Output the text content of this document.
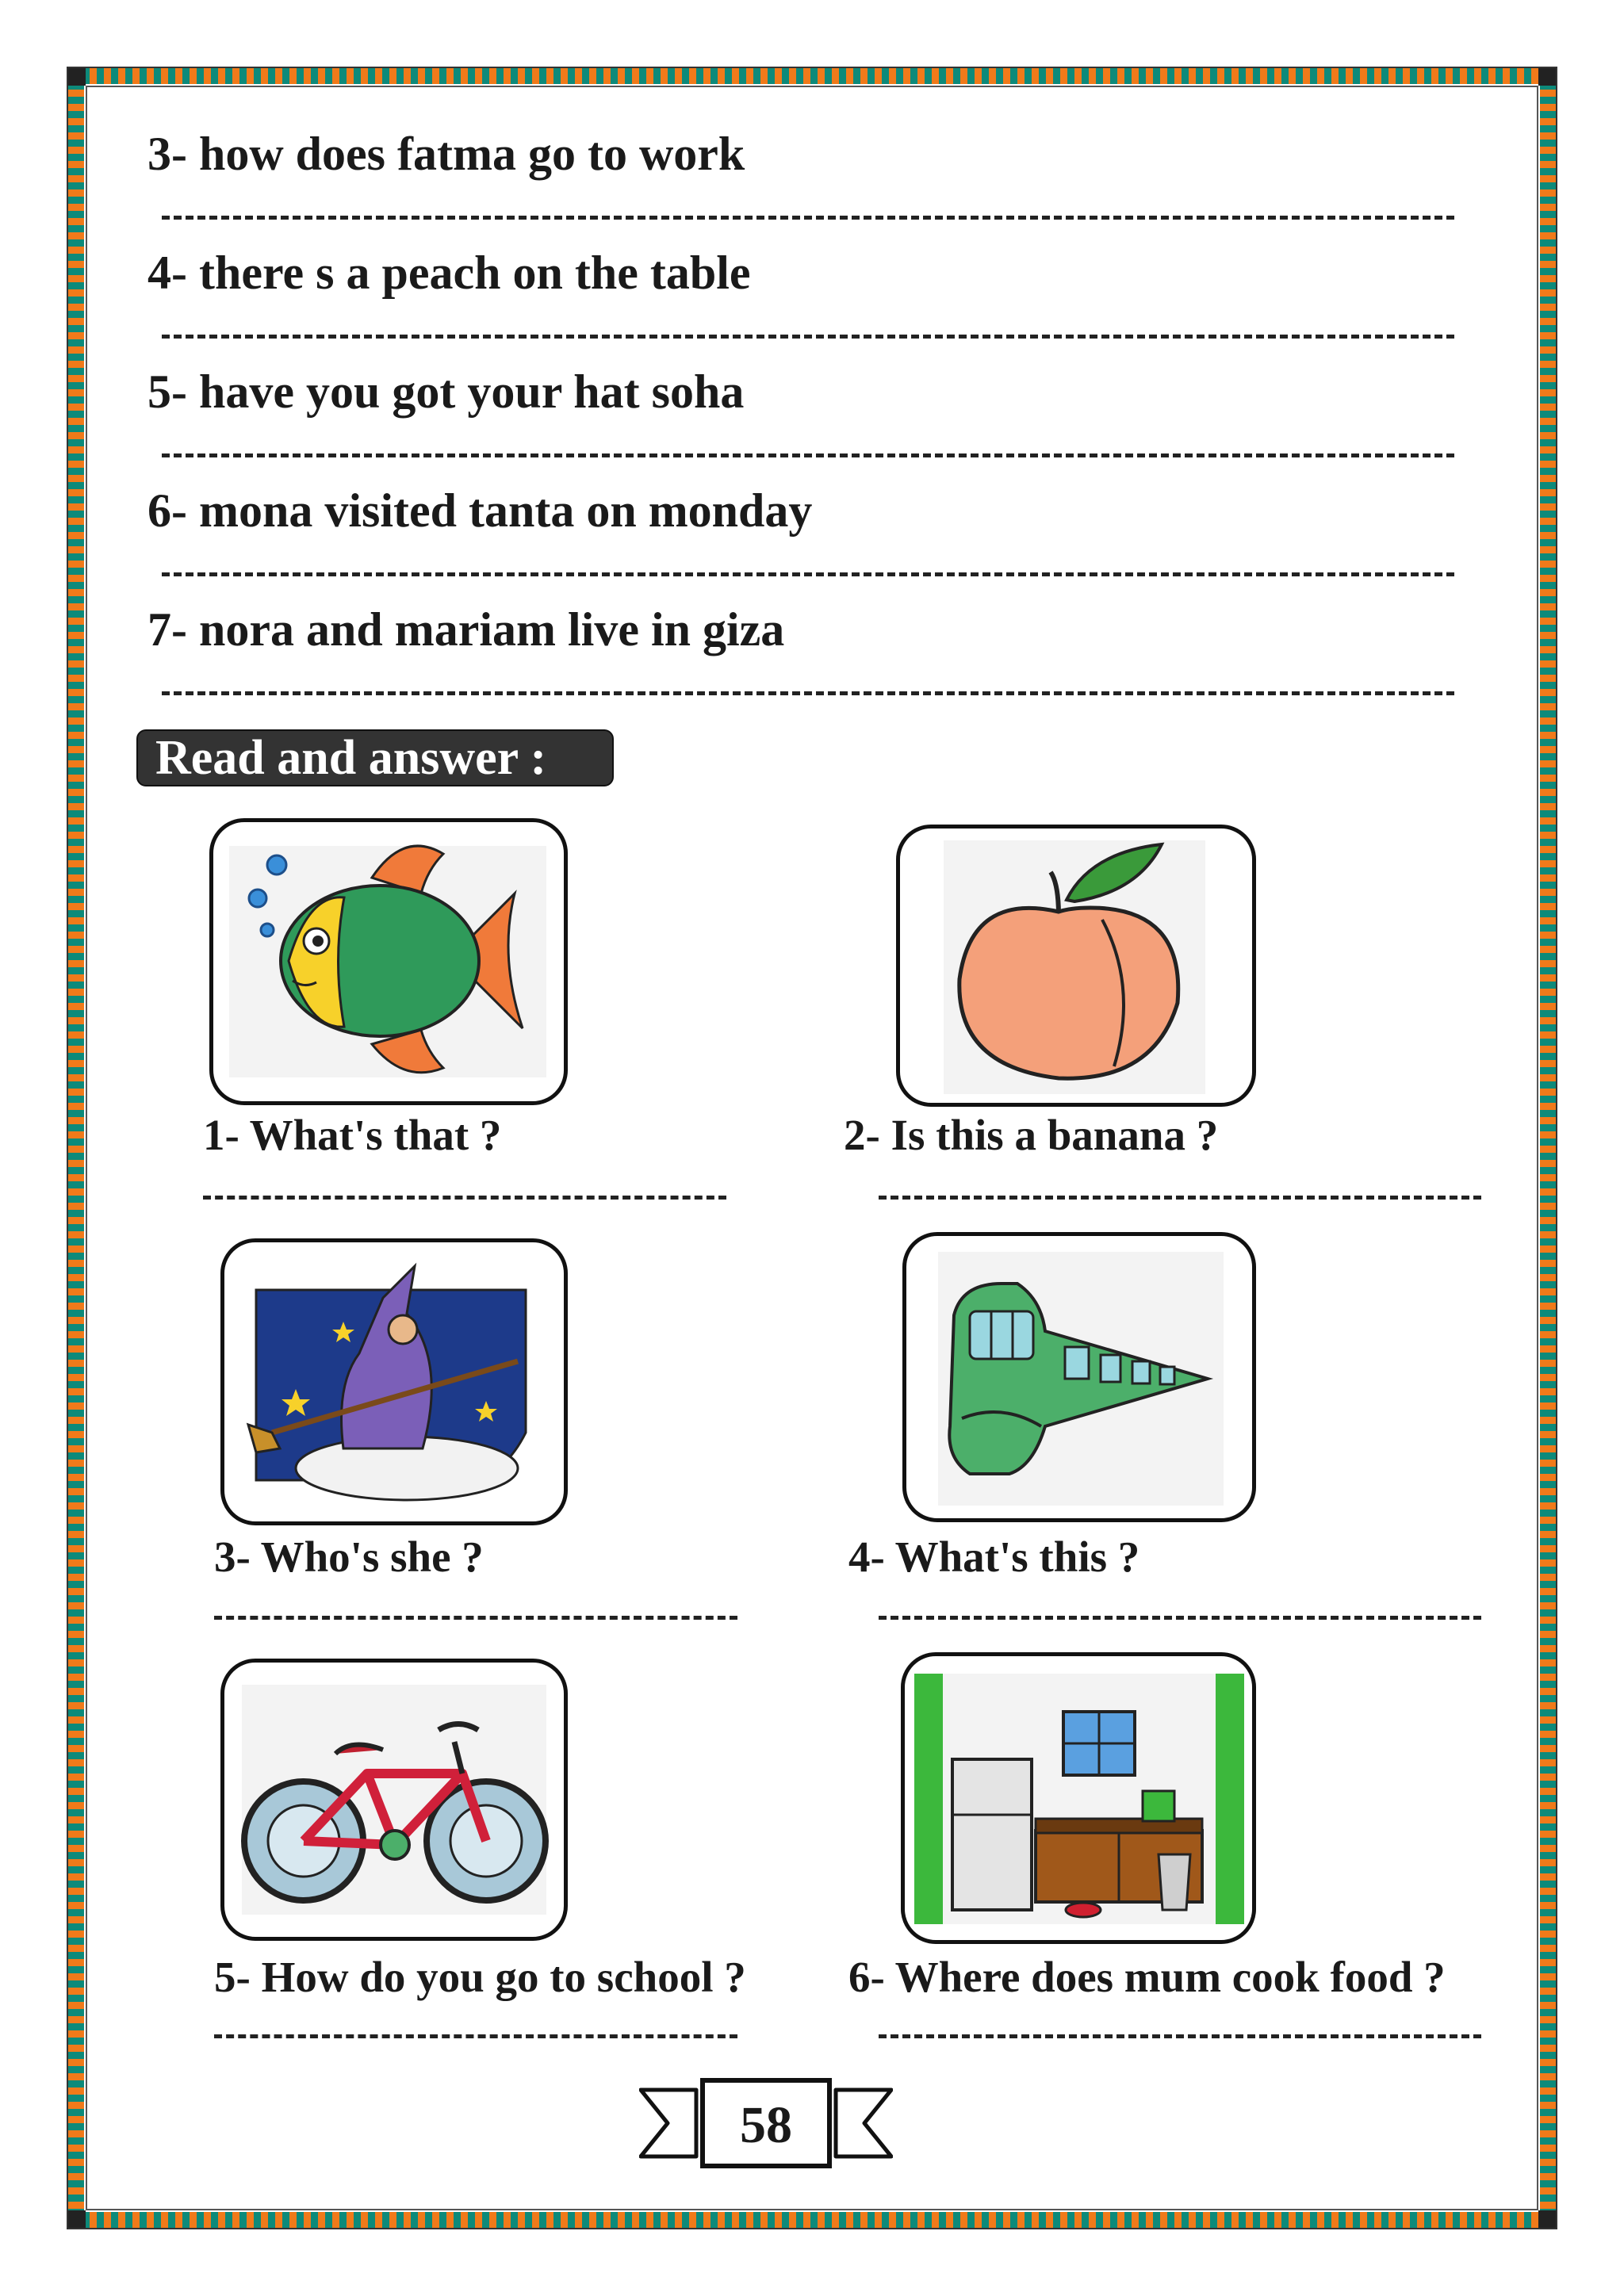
3- how does fatma go to work
4- there s a peach on the table
5- have you got your hat soha
6- mona visited tanta on monday
7- nora and mariam live in giza
Read and answer :
1- What's that ?	2- Is this a banana ?
3- Who's she ?	4- What's this ?
5- How do you go to school ? 6- Where does mum cook food ?
58
